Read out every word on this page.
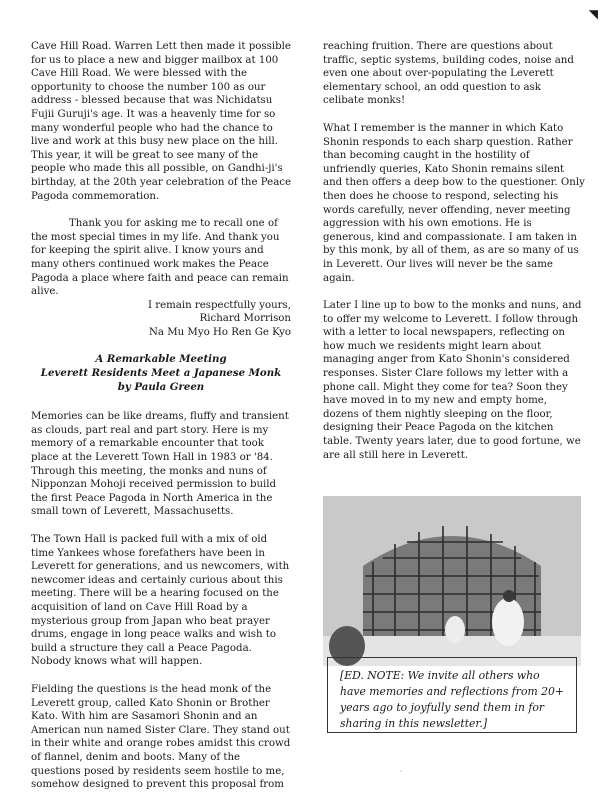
◥

Cave Hill Road. Warren Lett then made it possible for us to place a new and bigger mailbox at 100 Cave Hill Road. We were blessed with the opportunity to choose the number 100 as our address - blessed because that was Nichidatsu Fujii Guruji's age. It was a heavenly time for so many wonderful people who had the chance to live and work at this busy new place on the hill. This year, it will be great to see many of the people who made this all possible, on Gandhi-ji's birthday, at the 20th year celebration of the Peace Pagoda commemoration.

Thank you for asking me to recall one of the most special times in my life. And thank you for keeping the spirit alive. I know yours and many others continued work makes the Peace Pagoda a place where faith and peace can remain alive.

I remain respectfully yours,
Richard Morrison
Na Mu Myo Ho Ren Ge Kyo
A Remarkable Meeting
Leverett Residents Meet a Japanese Monk
by Paula Green

Memories can be like dreams, fluffy and transient as clouds, part real and part story. Here is my memory of a remarkable encounter that took place at the Leverett Town Hall in 1983 or '84. Through this meeting, the monks and nuns of Nipponzan Mohoji received permission to build the first Peace Pagoda in North America in the small town of Leverett, Massachusetts.

The Town Hall is packed full with a mix of old time Yankees whose forefathers have been in Leverett for generations, and us newcomers, with newcomer ideas and certainly curious about this meeting. There will be a hearing focused on the acquisition of land on Cave Hill Road by a mysterious group from Japan who beat prayer drums, engage in long peace walks and wish to build a structure they call a Peace Pagoda. Nobody knows what will happen.

Fielding the questions is the head monk of the Leverett group, called Kato Shonin or Brother Kato. With him are Sasamori Shonin and an American nun named Sister Clare. They stand out in their white and orange robes amidst this crowd of flannel, denim and boots. Many of the questions posed by residents seem hostile to me, somehow designed to prevent this proposal from

reaching fruition. There are questions about traffic, septic systems, building codes, noise and even one about over-populating the Leverett elementary school, an odd question to ask celibate monks!

What I remember is the manner in which Kato Shonin responds to each sharp question. Rather than becoming caught in the hostility of unfriendly queries, Kato Shonin remains silent and then offers a deep bow to the questioner. Only then does he choose to respond, selecting his words carefully, never offending, never meeting aggression with his own emotions. He is generous, kind and compassionate. I am taken in by this monk, by all of them, as are so many of us in Leverett. Our lives will never be the same again.

Later I line up to bow to the monks and nuns, and to offer my welcome to Leverett. I follow through with a letter to local newspapers, reflecting on how much we residents might learn about managing anger from Kato Shonin's considered responses. Sister Clare follows my letter with a phone call. Might they come for tea? Soon they have moved in to my new and empty home, dozens of them nightly sleeping on the floor, designing their Peace Pagoda on the kitchen table. Twenty years later, due to good fortune, we are all still here in Leverett.

[ED. NOTE: We invite all others who have memories and reflections from 20+ years ago to joyfully send them in for sharing in this newsletter.]
·
